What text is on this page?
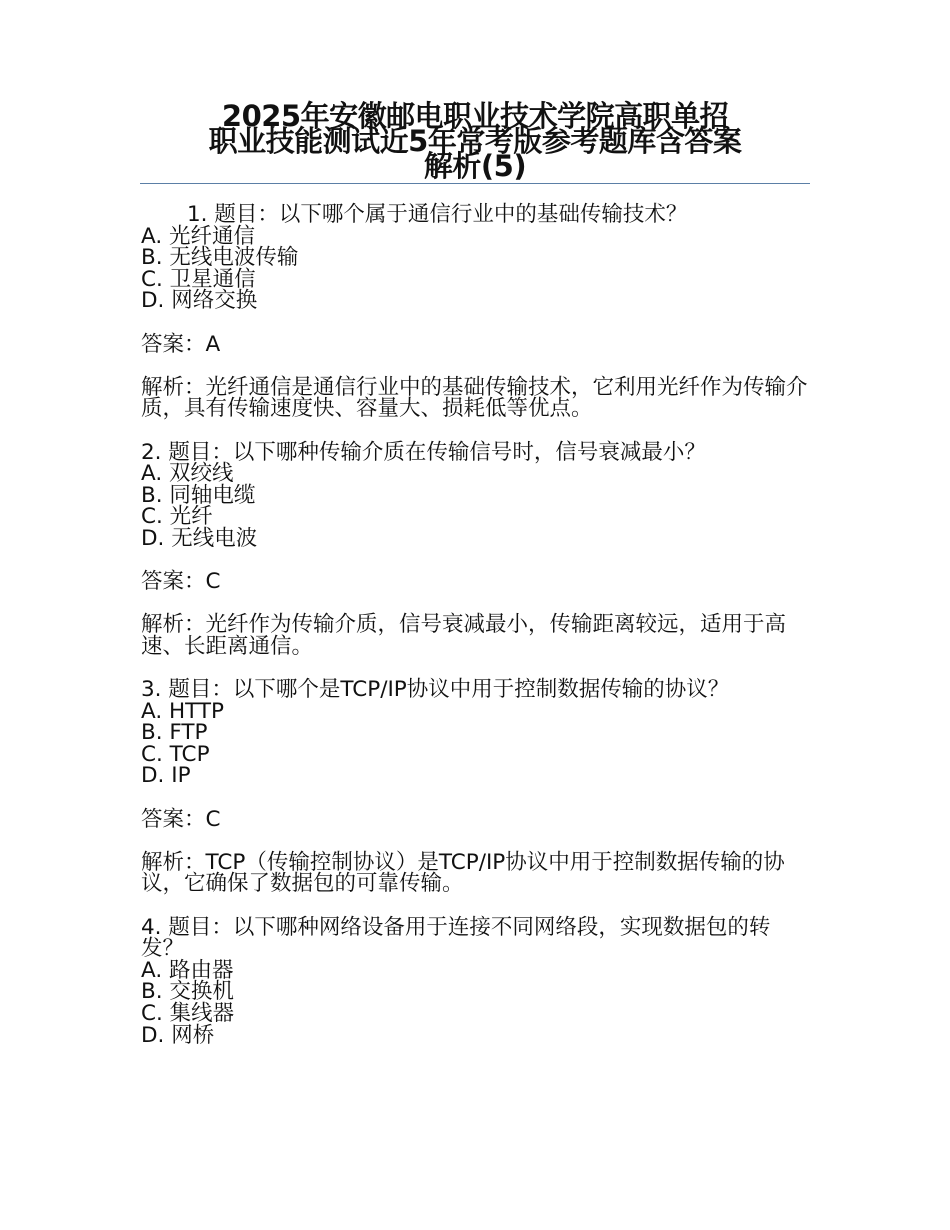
2025年安徽邮电职业技术学院高职单招
职业技能测试近5年常考版参考题库含答案
解析(5)
1. 题目：以下哪个属于通信行业中的基础传输技术？
A. 光纤通信
B. 无线电波传输
C. 卫星通信
D. 网络交换
答案：A
解析：光纤通信是通信行业中的基础传输技术，它利用光纤作为传输介质，具有传输速度快、容量大、损耗低等优点。
2. 题目：以下哪种传输介质在传输信号时，信号衰减最小？
A. 双绞线
B. 同轴电缆
C. 光纤
D. 无线电波
答案：C
解析：光纤作为传输介质，信号衰减最小，传输距离较远，适用于高速、长距离通信。
3. 题目：以下哪个是TCP/IP协议中用于控制数据传输的协议？
A. HTTP
B. FTP
C. TCP
D. IP
答案：C
解析：TCP（传输控制协议）是TCP/IP协议中用于控制数据传输的协议，它确保了数据包的可靠传输。
4. 题目：以下哪种网络设备用于连接不同网络段，实现数据包的转发？
A. 路由器
B. 交换机
C. 集线器
D. 网桥
